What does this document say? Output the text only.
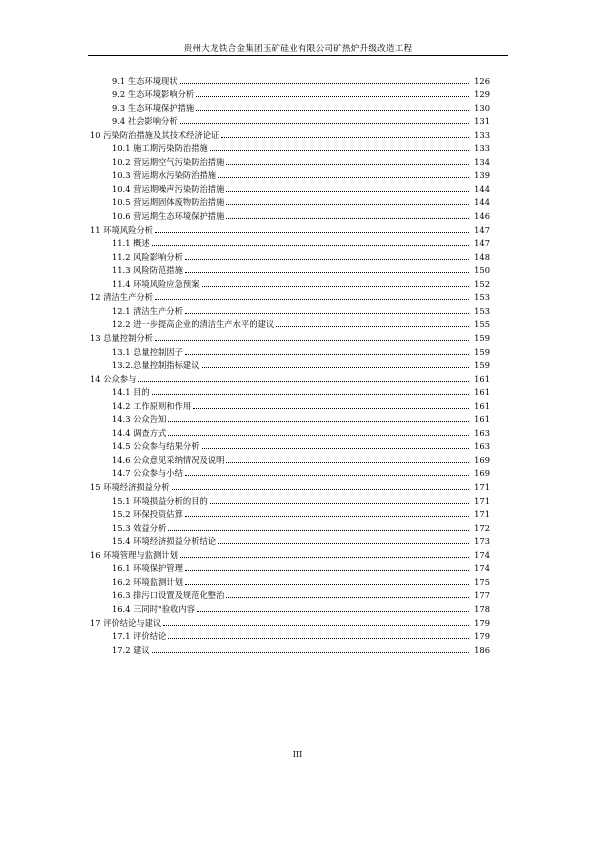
贵州大龙铁合金集团玉矿硅业有限公司矿热炉升级改造工程
9.1 生态环境现状	126
9.2 生态环境影响分析	129
9.3 生态环境保护措施	130
9.4 社会影响分析	131
10 污染防治措施及其技术经济论证	133
10.1 施工期污染防治措施	133
10.2 营运期空气污染防治措施	134
10.3 营运期水污染防治措施	139
10.4 营运期噪声污染防治措施	144
10.5 营运期固体废物防治措施	144
10.6 营运期生态环境保护措施	146
11 环境风险分析	147
11.1 概述	147
11.2 风险影响分析	148
11.3 风险防范措施	150
11.4 环境风险应急预案	152
12 清洁生产分析	153
12.1 清洁生产分析	153
12.2 进一步提高企业的清洁生产水平的建议	155
13 总量控制分析	159
13.1 总量控制因子	159
13.2.总量控制指标建议	159
14 公众参与	161
14.1 目的	161
14.2 工作原则和作用	161
14.3 公众告知	161
14.4 调查方式	163
14.5 公众参与结果分析	163
14.6 公众意见采纳情况及说明	169
14.7 公众参与小结	169
15 环境经济损益分析	171
15.1 环境损益分析的目的	171
15.2 环保投资估算	171
15.3 效益分析	172
15.4 环境经济损益分析结论	173
16 环境管理与监测计划	174
16.1 环境保护管理	174
16.2 环境监测计划	175
16.3 排污口设置及规范化整治	177
16.4 三同时"验收内容	178
17 评价结论与建议	179
17.1 评价结论	179
17.2 建议	186
III
